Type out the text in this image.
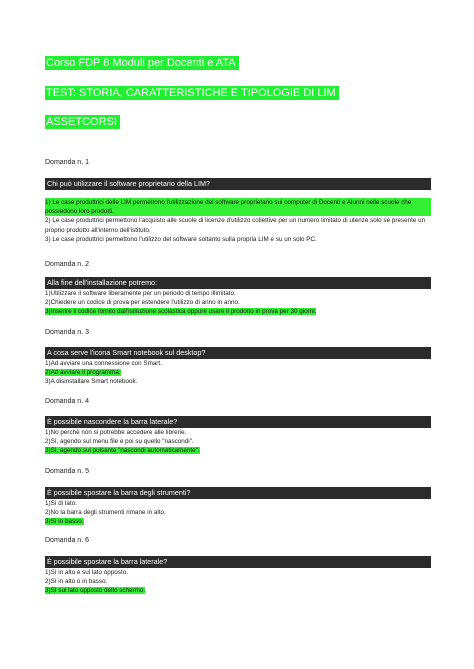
Corso FDP 8 Moduli per Docenti e ATA
TEST: STORIA, CARATTERISTICHE E TIPOLOGIE DI LIM
ASSETCORSI
Domanda n. 1
Chi può utilizzare il software proprietario della LIM?
1) Le case produttrici delle LIM permettono l'utilizzazione del software proprietario sui computer di Docenti e Alunni nelle scuole che possiedono loro prodotti.
2) Le case produttrici permettono l'acquisto alle scuole di licenze d'utilizzo collettive per un numero limitato di utenze solo se presente un proprio prodotto all'interno dell'istituto.
3) Le case produttrici permettono l'utilizzo del software soltanto sulla propria LIM e su un solo PC.
Domanda n. 2
Alla fine dell'installazione potremo:
1)Utilizzare il software liberamente per un periodo di tempo illimitato.
2)Chiedere un codice di prova per estendere l'utilizzo di anno in anno.
3)Inserire il codice fornito dall'istituzione scolastica oppure usare il prodotto in prova per 30 giorni.
Domanda n. 3
A cosa serve l'icona Smart notebook sul desktop?
1)Ad avviare una connessione con Smart.
2)Ad avviare il programma.
3)A disinstallare Smart notebook.
Domanda n. 4
È possibile nascondere la barra laterale?
1)No perchè non si potrebbe accedere alle librerie.
2)Sì, agendo sul menu file e poi su quello "nascondi".
3)Sì, agendo sul pulsante "nascondi automaticamente".
Domanda n. 5
È possibile spostare la barra degli strumenti?
1)Sì di lato.
2)No la barra degli strumenti rimane in alto.
3)Sì in basso.
Domanda n. 6
È possibile spostare la barra laterale?
1)Sì in alto e sul lato opposto.
2)Sì in alto o in basso.
3)Sì sul lato opposto dello schermo.
